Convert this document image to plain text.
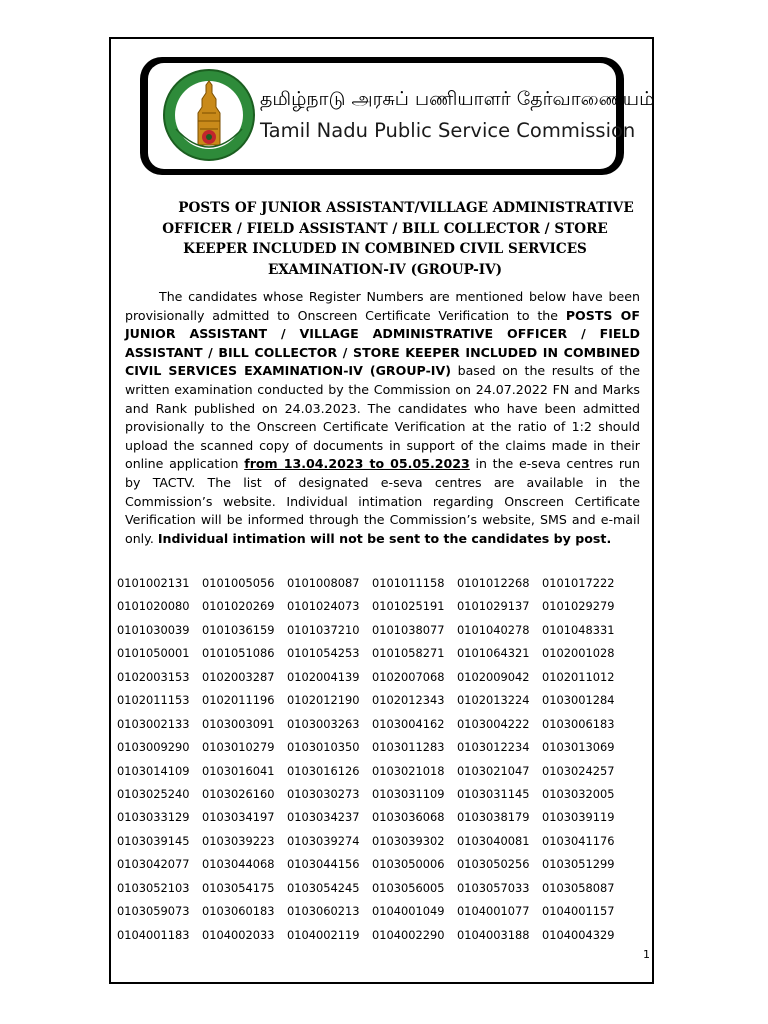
தமிழ்நாடு அரசுப் பணியாளர் தேர்வாணையம்
Tamil Nadu Public Service Commission
POSTS OF JUNIOR ASSISTANT/VILLAGE ADMINISTRATIVE
OFFICER / FIELD ASSISTANT / BILL COLLECTOR / STORE
KEEPER INCLUDED IN COMBINED CIVIL SERVICES
EXAMINATION-IV (GROUP-IV)
The candidates whose Register Numbers are mentioned below have been provisionally admitted to Onscreen Certificate Verification to the POSTS OF JUNIOR ASSISTANT / VILLAGE ADMINISTRATIVE OFFICER / FIELD ASSISTANT / BILL COLLECTOR / STORE KEEPER INCLUDED IN COMBINED CIVIL SERVICES EXAMINATION-IV (GROUP-IV) based on the results of the written examination conducted by the Commission on 24.07.2022 FN and Marks and Rank published on 24.03.2023. The candidates who have been admitted provisionally to the Onscreen Certificate Verification at the ratio of 1:2 should upload the scanned copy of documents in support of the claims made in their online application from 13.04.2023 to 05.05.2023 in the e-seva centres run by TACTV. The list of designated e-seva centres are available in the Commission’s website. Individual intimation regarding Onscreen Certificate Verification will be informed through the Commission’s website, SMS and e-mail only. Individual intimation will not be sent to the candidates by post.
0101002131	0101005056	0101008087	0101011158	0101012268	0101017222
0101020080	0101020269	0101024073	0101025191	0101029137	0101029279
0101030039	0101036159	0101037210	0101038077	0101040278	0101048331
0101050001	0101051086	0101054253	0101058271	0101064321	0102001028
0102003153	0102003287	0102004139	0102007068	0102009042	0102011012
0102011153	0102011196	0102012190	0102012343	0102013224	0103001284
0103002133	0103003091	0103003263	0103004162	0103004222	0103006183
0103009290	0103010279	0103010350	0103011283	0103012234	0103013069
0103014109	0103016041	0103016126	0103021018	0103021047	0103024257
0103025240	0103026160	0103030273	0103031109	0103031145	0103032005
0103033129	0103034197	0103034237	0103036068	0103038179	0103039119
0103039145	0103039223	0103039274	0103039302	0103040081	0103041176
0103042077	0103044068	0103044156	0103050006	0103050256	0103051299
0103052103	0103054175	0103054245	0103056005	0103057033	0103058087
0103059073	0103060183	0103060213	0104001049	0104001077	0104001157
0104001183	0104002033	0104002119	0104002290	0104003188	0104004329
1
